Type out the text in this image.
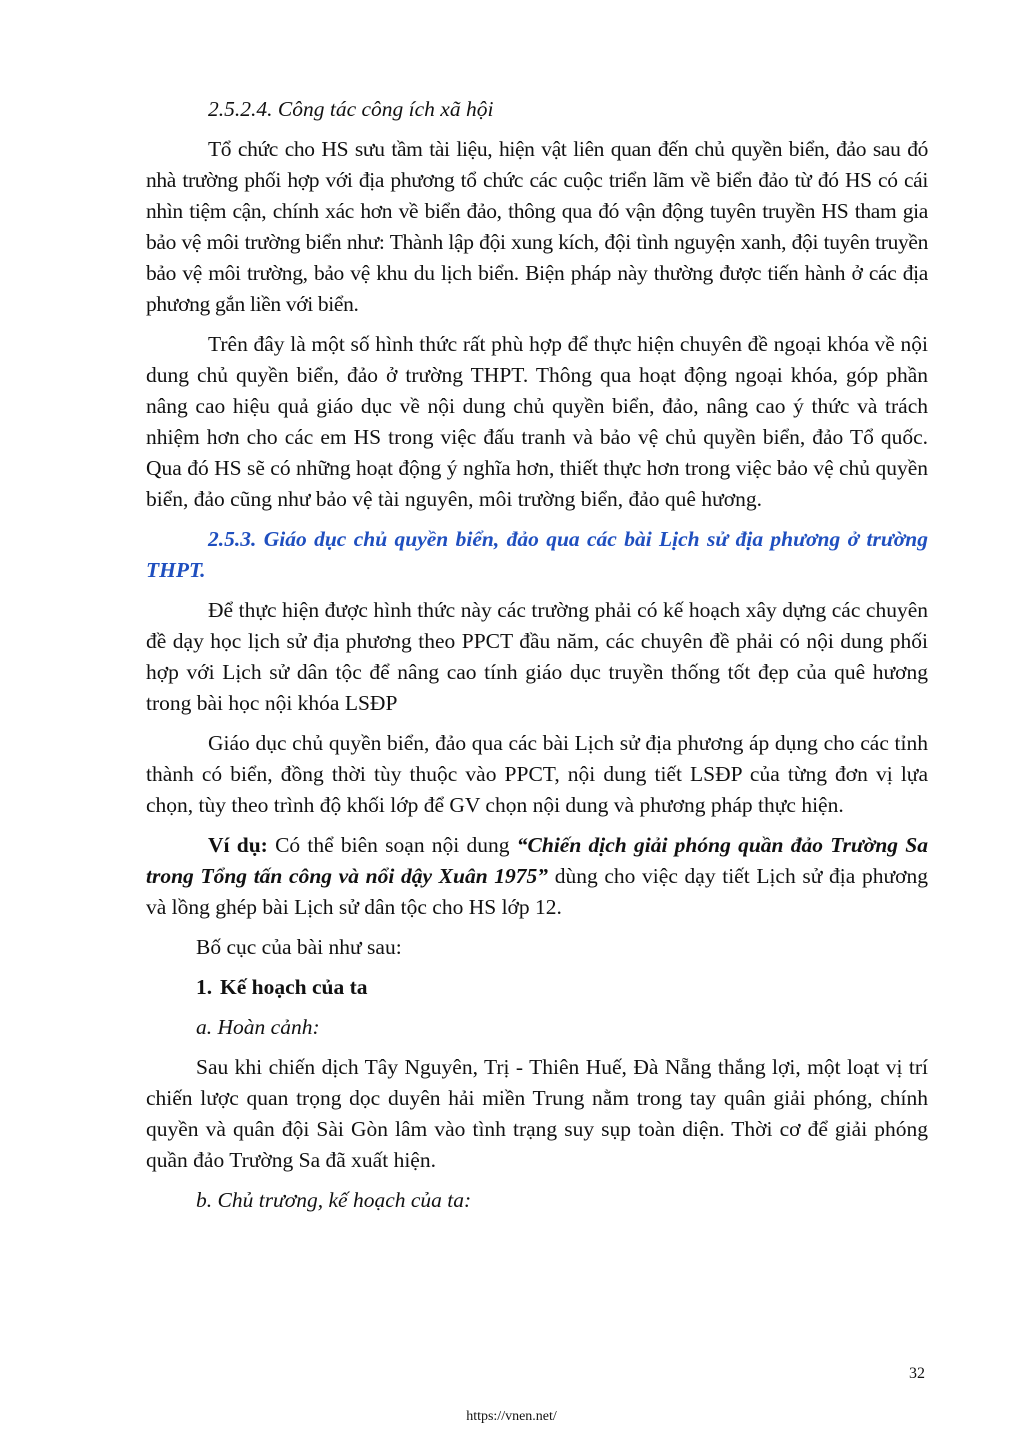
2.5.2.4. Công tác công ích xã hội

Tổ chức cho HS sưu tầm tài liệu, hiện vật liên quan đến chủ quyền biển, đảo sau đó nhà trường phối hợp với địa phương tổ chức các cuộc triển lãm về biển đảo từ đó HS có cái nhìn tiệm cận, chính xác hơn về biển đảo, thông qua đó vận động tuyên truyền HS tham gia bảo vệ môi trường biển như: Thành lập đội xung kích, đội tình nguyện xanh, đội tuyên truyền bảo vệ môi trường, bảo vệ khu du lịch biển. Biện pháp này thường được tiến hành ở các địa phương gắn liền với biển.

Trên đây là một số hình thức rất phù hợp để thực hiện chuyên đề ngoại khóa về nội dung chủ quyền biển, đảo ở trường THPT. Thông qua hoạt động ngoại khóa, góp phần nâng cao hiệu quả giáo dục về nội dung chủ quyền biển, đảo, nâng cao ý thức và trách nhiệm hơn cho các em HS trong việc đấu tranh và bảo vệ chủ quyền biển, đảo Tổ quốc. Qua đó HS sẽ có những hoạt động ý nghĩa hơn, thiết thực hơn trong việc bảo vệ chủ quyền biển, đảo cũng như bảo vệ tài nguyên, môi trường biển, đảo quê hương.

2.5.3. Giáo dục chủ quyền biển, đảo qua các bài Lịch sử địa phương ở trường THPT.

Để thực hiện được hình thức này các trường phải có kế hoạch xây dựng các chuyên đề dạy học lịch sử địa phương theo PPCT đầu năm, các chuyên đề phải có nội dung phối hợp với Lịch sử dân tộc để nâng cao tính giáo dục truyền thống tốt đẹp của quê hương trong bài học nội khóa LSĐP

Giáo dục chủ quyền biển, đảo qua các bài Lịch sử địa phương áp dụng cho các tỉnh thành có biển, đồng thời tùy thuộc vào PPCT, nội dung tiết LSĐP của từng đơn vị lựa chọn, tùy theo trình độ khối lớp để GV chọn nội dung và phương pháp thực hiện.

Ví dụ: Có thể biên soạn nội dung “Chiến dịch giải phóng quần đảo Trường Sa trong Tổng tấn công và nổi dậy Xuân 1975” dùng cho việc dạy tiết Lịch sử địa phương và lồng ghép bài Lịch sử dân tộc cho HS lớp 12.

Bố cục của bài như sau:

1. Kế hoạch của ta

a. Hoàn cảnh:

Sau khi chiến dịch Tây Nguyên, Trị - Thiên Huế, Đà Nẵng thắng lợi, một loạt vị trí chiến lược quan trọng dọc duyên hải miền Trung nằm trong tay quân giải phóng, chính quyền và quân đội Sài Gòn lâm vào tình trạng suy sụp toàn diện. Thời cơ để giải phóng quần đảo Trường Sa đã xuất hiện.

b. Chủ trương, kế hoạch của ta:

32
https://vnen.net/
